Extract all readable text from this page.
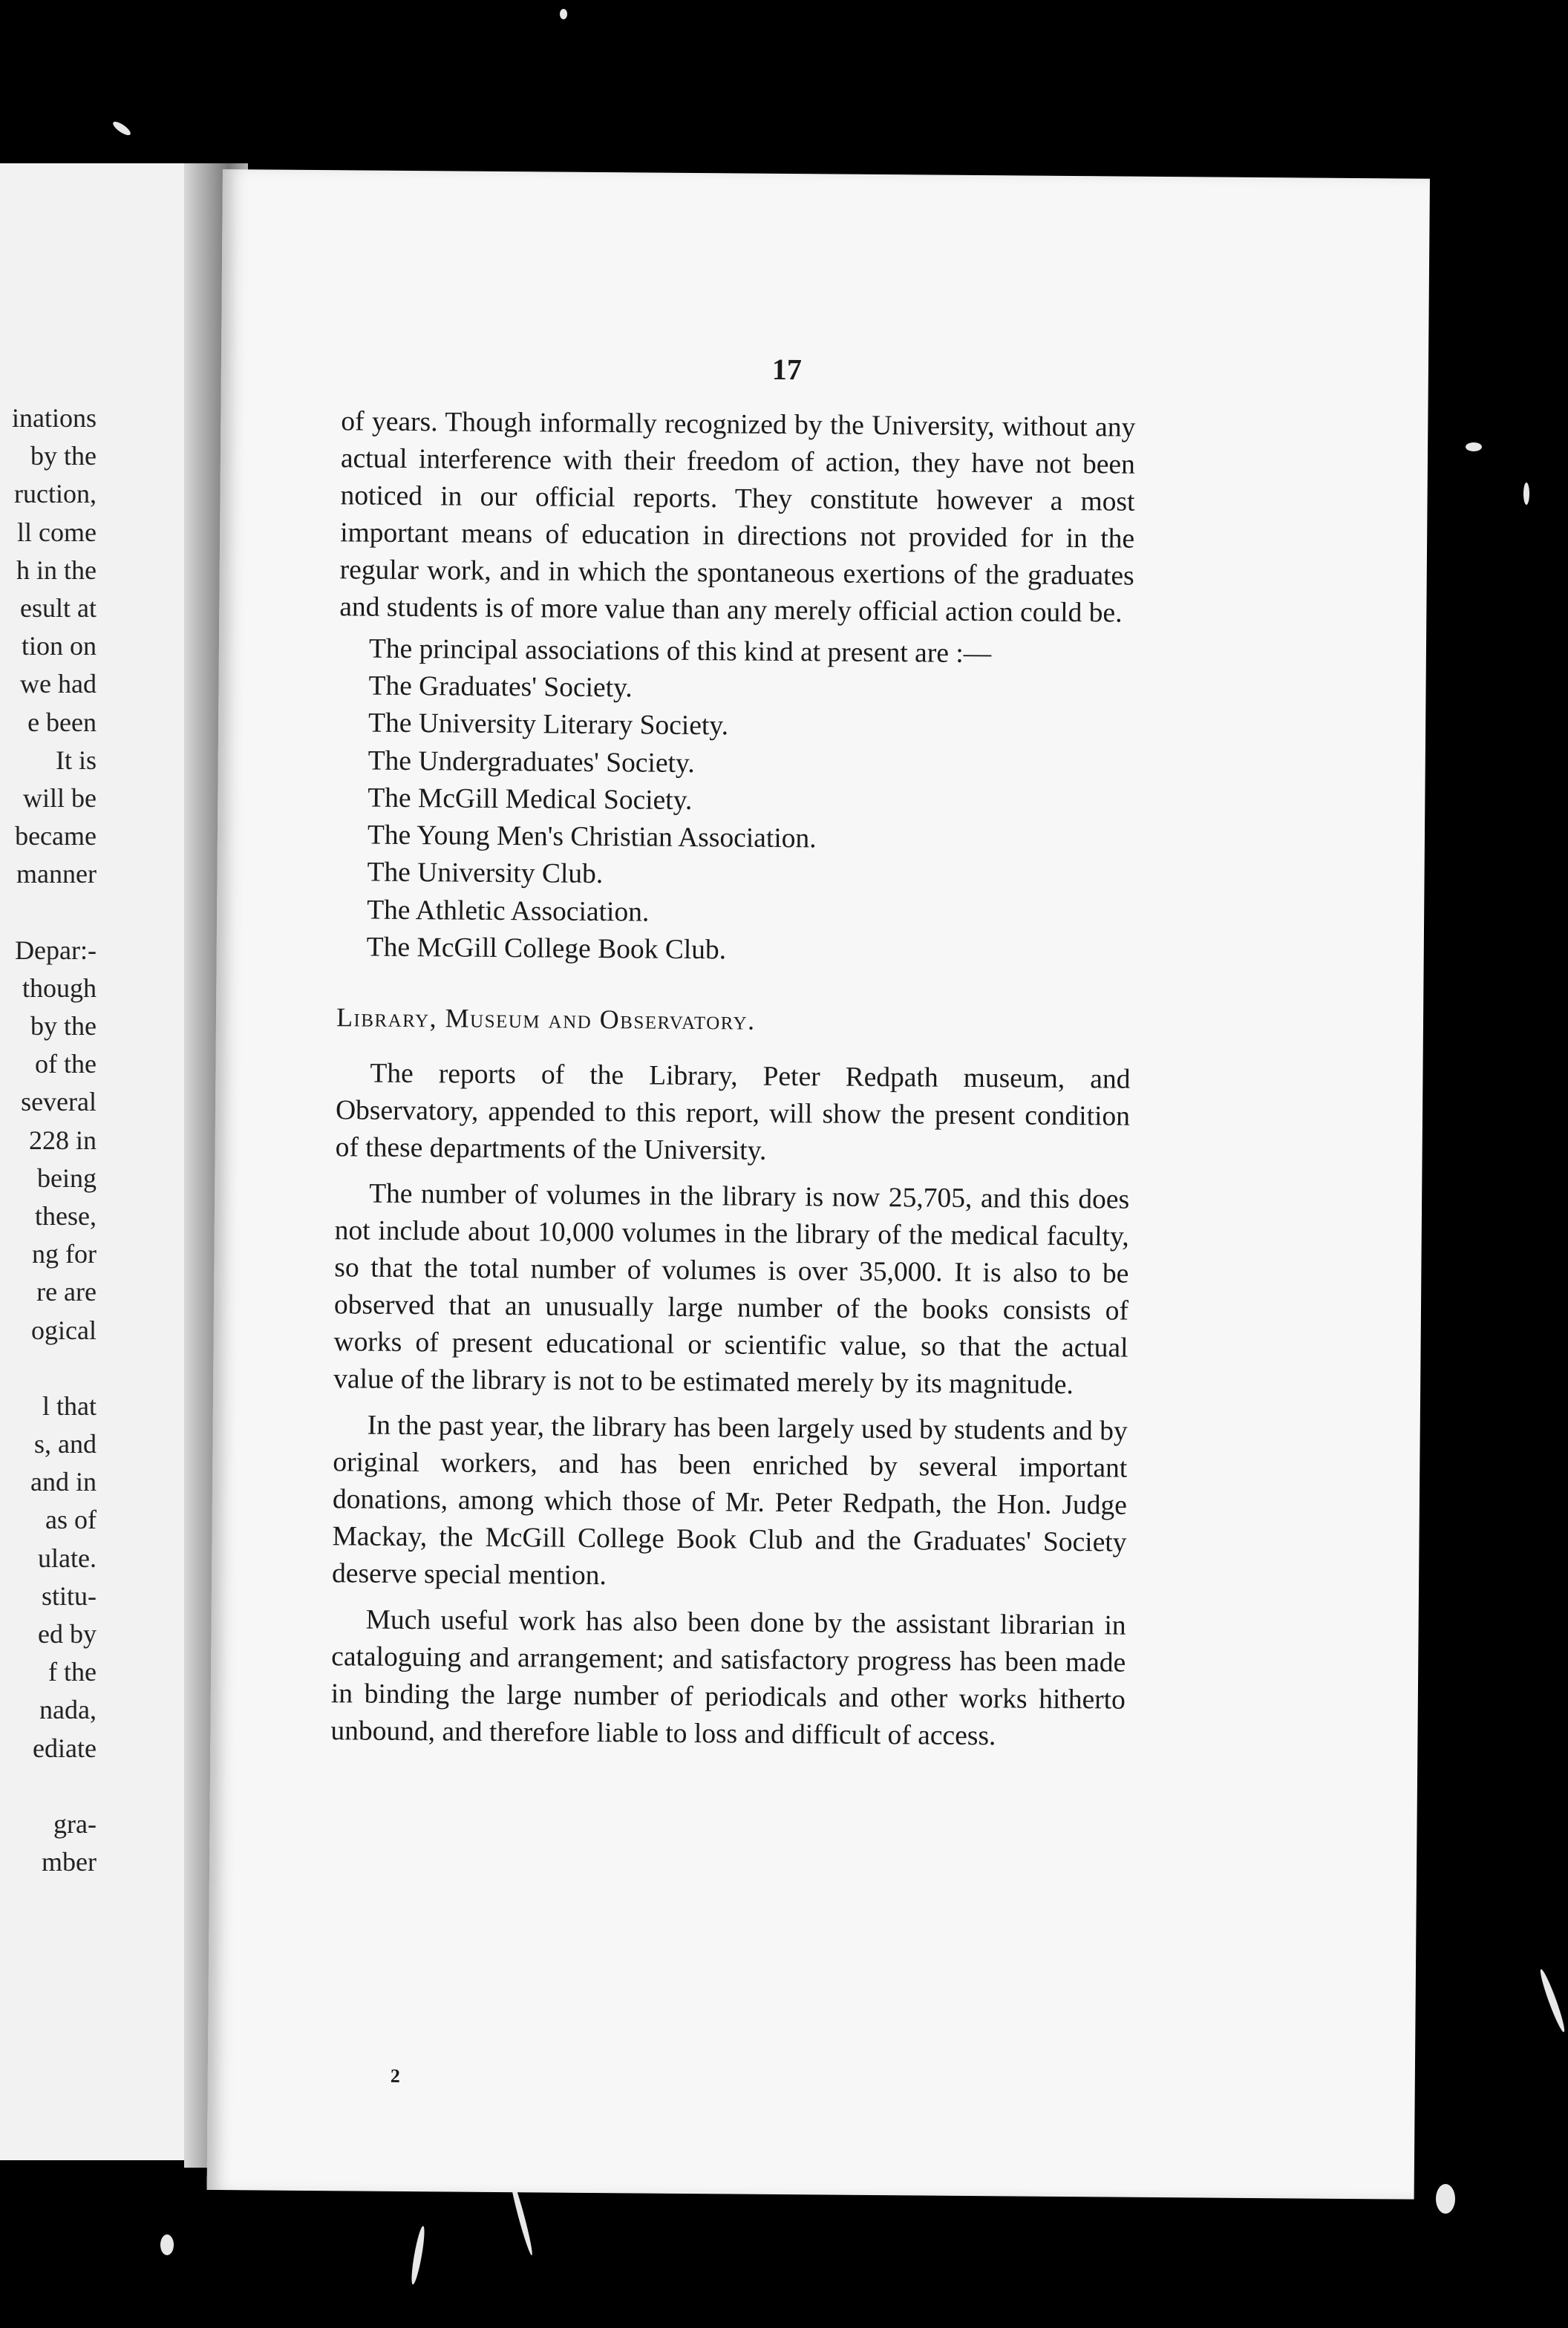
inations
by the
ruction,
ll come
h in the
esult at
tion on
we had
e been
It is
will be
became
manner
Depar:-
though
by the
of the
several
228 in
being
these,
ng for
re are
ogical
l that
s, and
and in
as of
ulate.
stitu-
ed by
f the
nada,
ediate
gra-
mber
17

of years. Though informally recognized by the University, without any actual interference with their freedom of action, they have not been noticed in our official reports. They constitute however a most important means of education in directions not provided for in the regular work, and in which the spontaneous exertions of the graduates and students is of more value than any merely official action could be.

The principal associations of this kind at present are :—

The Graduates' Society.
The University Literary Society.
The Undergraduates' Society.
The McGill Medical Society.
The Young Men's Christian Association.
The University Club.
The Athletic Association.
The McGill College Book Club.

Library, Museum and Observatory.

The reports of the Library, Peter Redpath museum, and Observatory, appended to this report, will show the present condition of these departments of the University.

The number of volumes in the library is now 25,705, and this does not include about 10,000 volumes in the library of the medical faculty, so that the total number of volumes is over 35,000. It is also to be observed that an unusually large number of the books consists of works of present educational or scientific value, so that the actual value of the library is not to be estimated merely by its magnitude.

In the past year, the library has been largely used by students and by original workers, and has been enriched by several important donations, among which those of Mr. Peter Redpath, the Hon. Judge Mackay, the McGill College Book Club and the Graduates' Society deserve special mention.

Much useful work has also been done by the assistant librarian in cataloguing and arrangement; and satisfactory progress has been made in binding the large number of periodicals and other works hitherto unbound, and therefore liable to loss and difficult of access.

2
